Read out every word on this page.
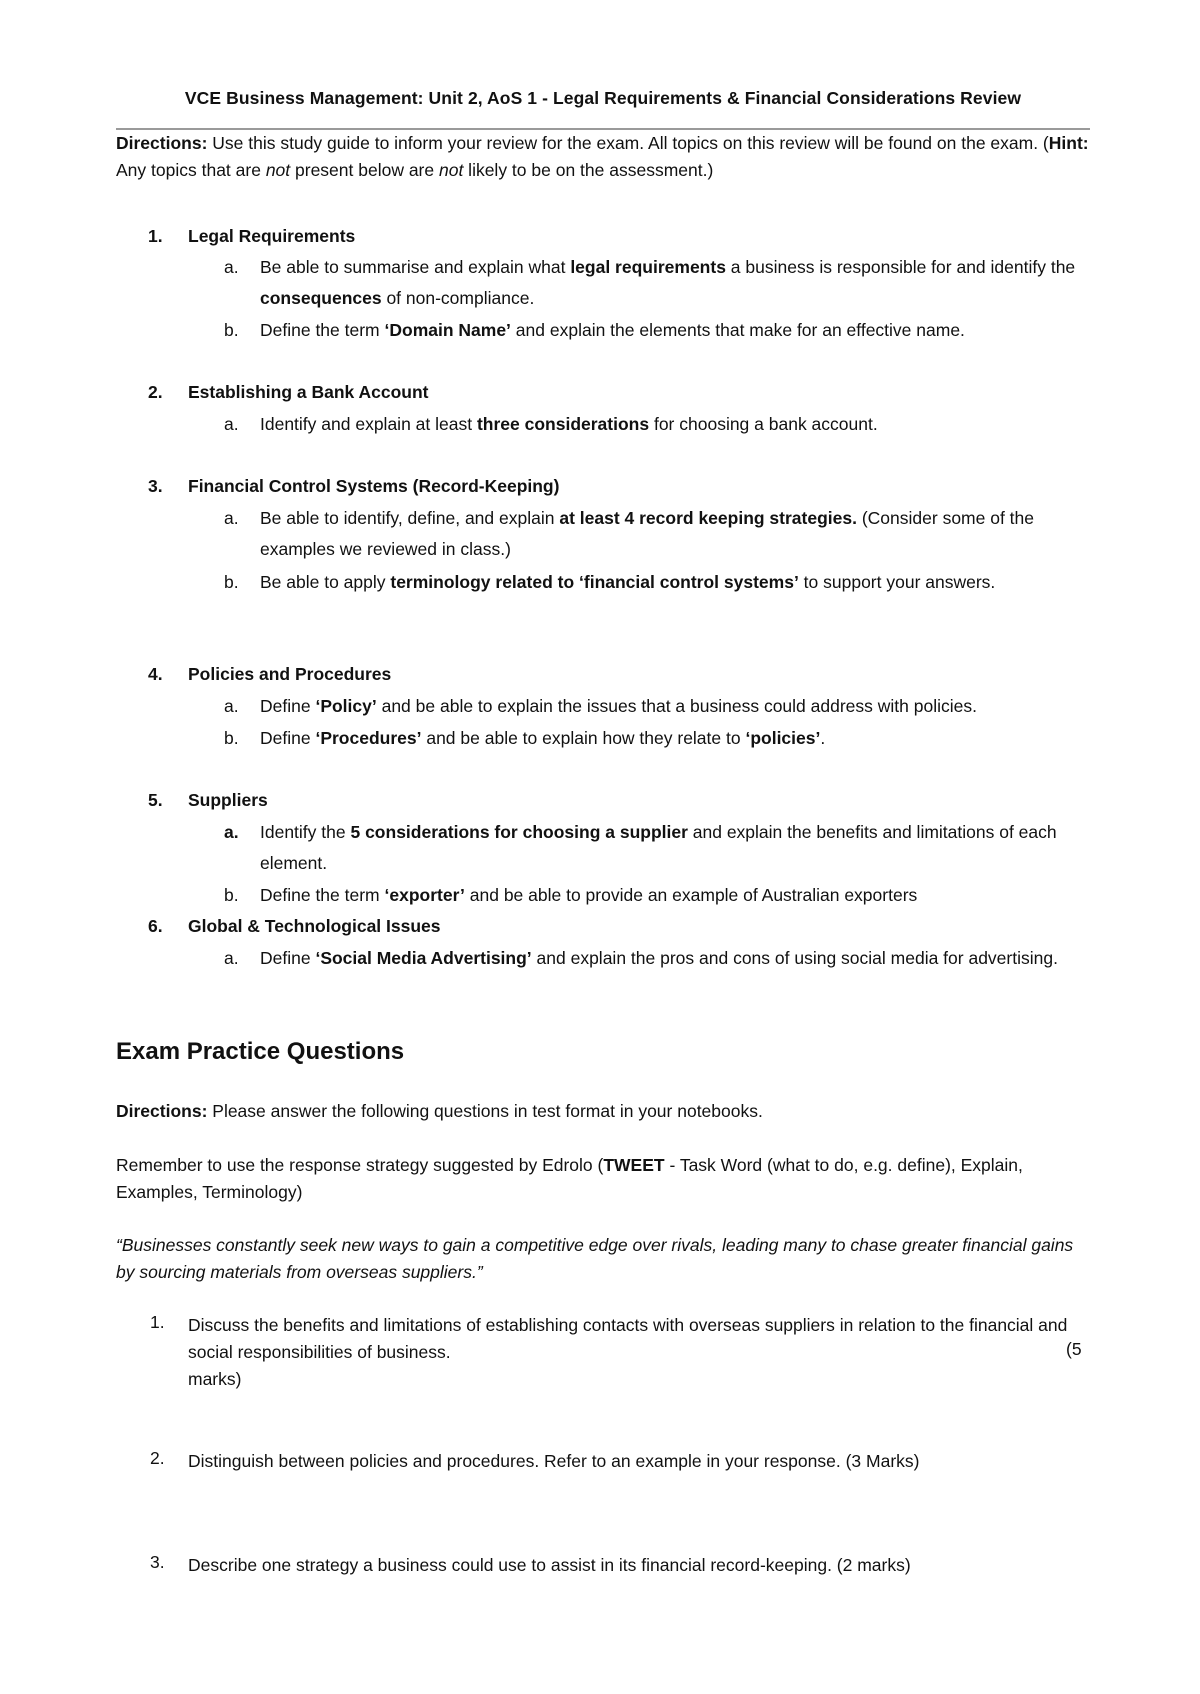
VCE Business Management: Unit 2, AoS 1 - Legal Requirements & Financial Considerations Review
Directions: Use this study guide to inform your review for the exam. All topics on this review will be found on the exam. (Hint: Any topics that are not present below are not likely to be on the assessment.)
1. Legal Requirements
a. Be able to summarise and explain what legal requirements a business is responsible for and identify the consequences of non-compliance.
b. Define the term ‘Domain Name’ and explain the elements that make for an effective name.
2. Establishing a Bank Account
a. Identify and explain at least three considerations for choosing a bank account.
3. Financial Control Systems (Record-Keeping)
a. Be able to identify, define, and explain at least 4 record keeping strategies. (Consider some of the examples we reviewed in class.)
b. Be able to apply terminology related to ‘financial control systems’ to support your answers.
4. Policies and Procedures
a. Define ‘Policy’ and be able to explain the issues that a business could address with policies.
b. Define ‘Procedures’ and be able to explain how they relate to ‘policies’.
5. Suppliers
a. Identify the 5 considerations for choosing a supplier and explain the benefits and limitations of each element.
b. Define the term ‘exporter’ and be able to provide an example of Australian exporters
6. Global & Technological Issues
a. Define ‘Social Media Advertising’ and explain the pros and cons of using social media for advertising.
Exam Practice Questions
Directions: Please answer the following questions in test format in your notebooks.
Remember to use the response strategy suggested by Edrolo (TWEET - Task Word (what to do, e.g. define), Explain, Examples, Terminology)
“Businesses constantly seek new ways to gain a competitive edge over rivals, leading many to chase greater financial gains by sourcing materials from overseas suppliers.”
1. Discuss the benefits and limitations of establishing contacts with overseas suppliers in relation to the financial and social responsibilities of business.	(5
marks)
2. Distinguish between policies and procedures. Refer to an example in your response. (3 Marks)
3. Describe one strategy a business could use to assist in its financial record-keeping. (2 marks)
